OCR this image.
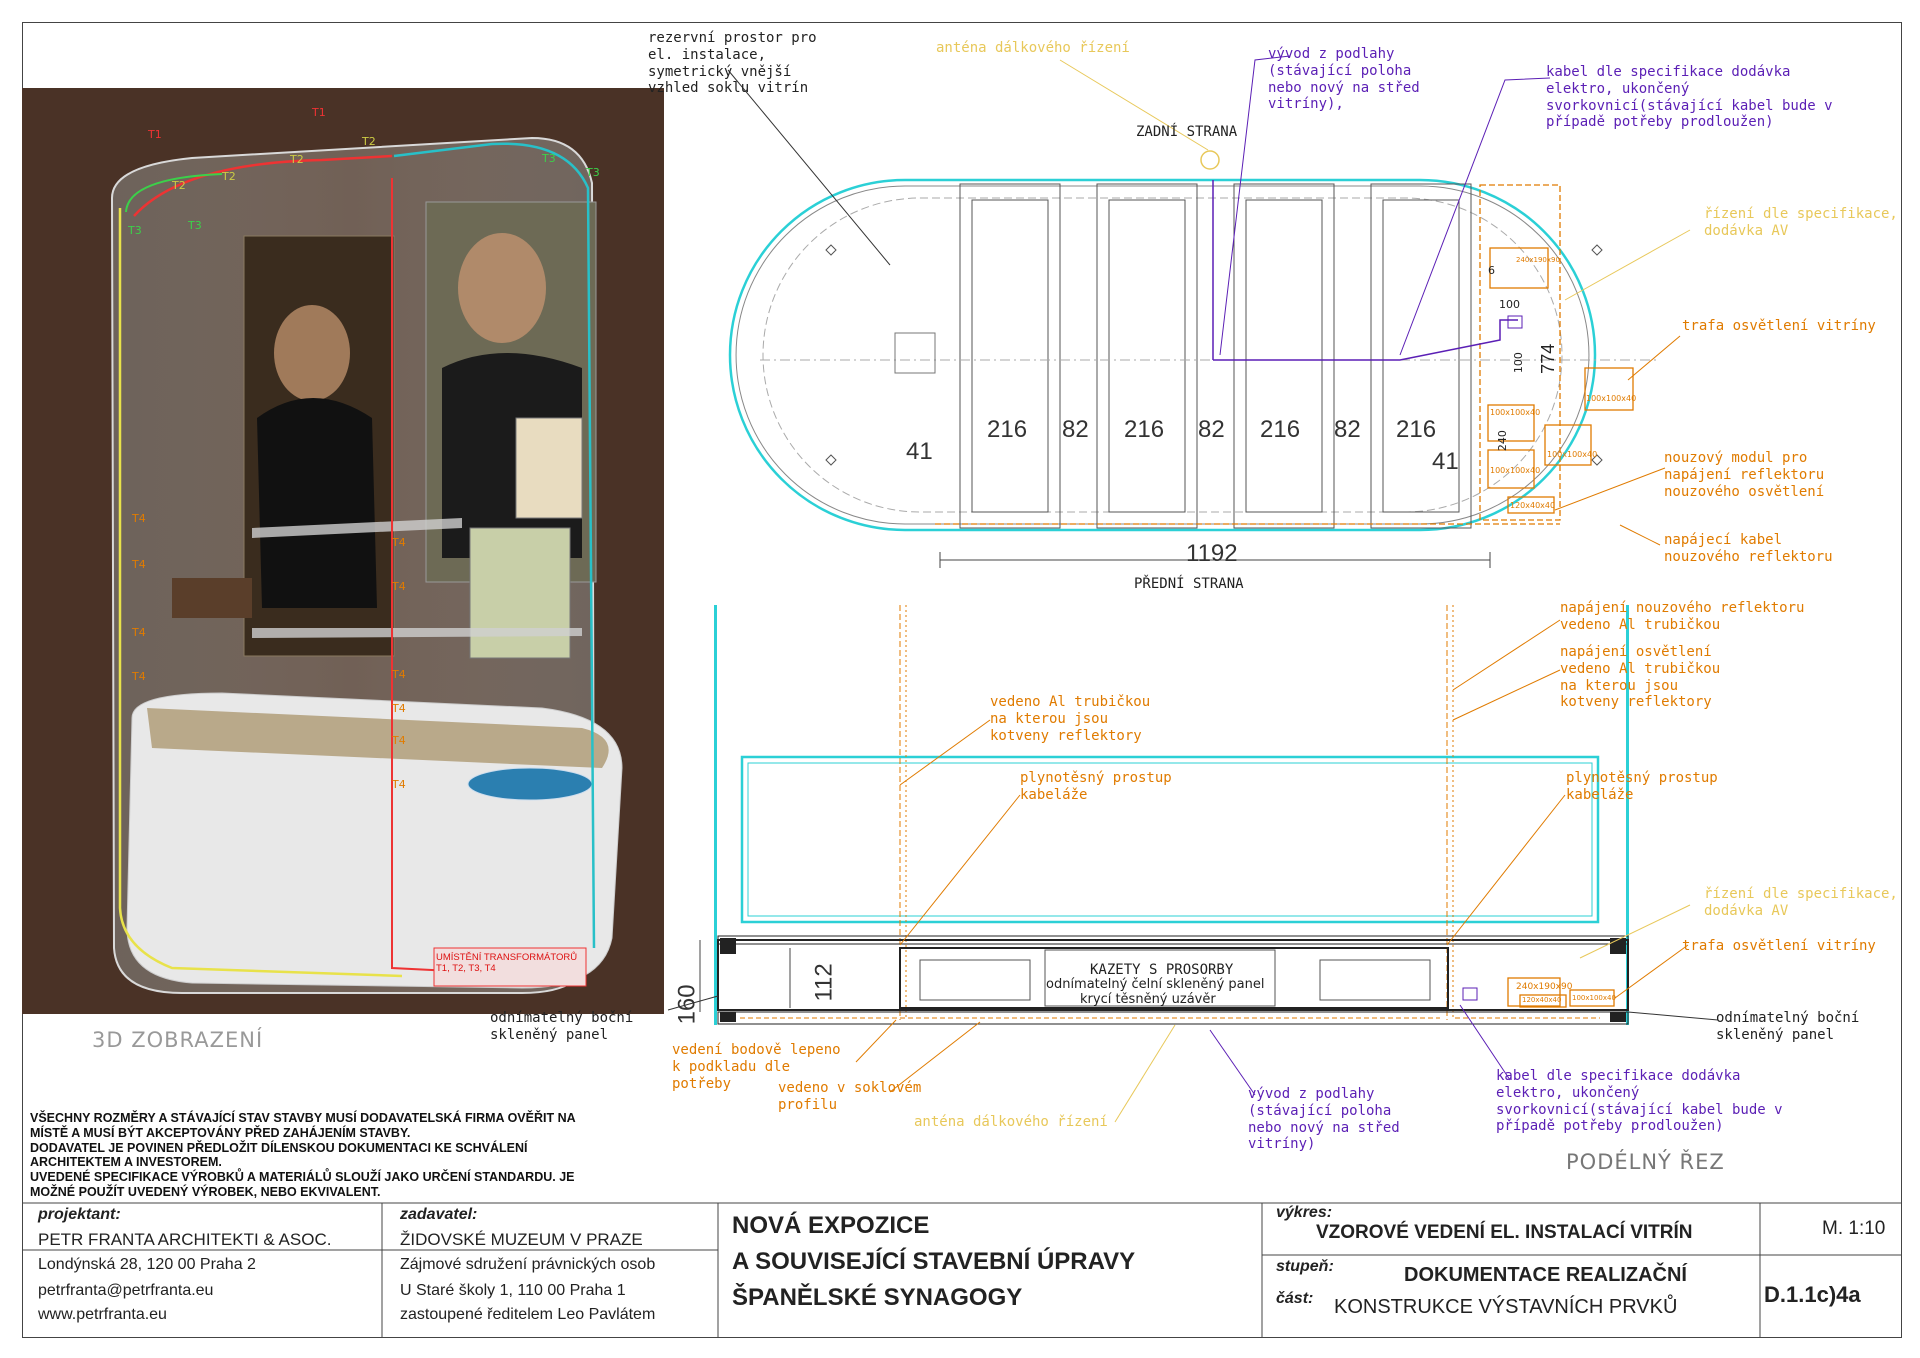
UMÍSTĚNÍ TRANSFORMÁTORŮ
T1, T2, T3, T4
T1
T1
T2
T2
T2
T2
T3	T3
T3
T3
T4
T4
T4
T4
T4
T4
T4
T4
T4
T4
3D ZOBRAZENÍ
rezervní prostor pro
el. instalace,
symetrický vnější
vzhled soklu vitrín
anténa dálkového řízení	vývod z podlahy
(stávající poloha
nebo nový na střed
vitríny),
kabel dle specifikace dodávka
elektro, ukončený
svorkovnicí(stávající kabel bude v
případě potřeby prodloužen)
řízení dle specifikace,
dodávka AV
trafa osvětlení vitríny
nouzový modul pro
napájení reflektoru
nouzového osvětlení
napájecí kabel
nouzového reflektoru
ZADNÍ STRANA
PŘEDNÍ STRANA
41	41
216 82 216 82 216 82 216
1192
774
6
100
100
240
240x190x90
100x100x40
100x100x40
100x100x40
100x100x40
120x40x40
napájení nouzového reflektoru
vedeno Al trubičkou
napájení osvětlení
vedeno Al trubičkou
na kterou jsou
kotveny reflektory
vedeno Al trubičkou
na kterou jsou
kotveny reflektory
plynotěsný prostup
kabeláže
plynotěsný prostup
kabeláže
řízení dle specifikace,
dodávka AV
trafa osvětlení vitríny
odnímatelný boční
skleněný panel
odnímatelný boční
skleněný panel
vedení bodově lepeno
k podkladu dle
potřeby	vedeno v soklovém
profilu
vývod z podlahy
(stávající poloha
nebo nový na střed
vitríny)
kabel dle specifikace dodávka
elektro, ukončený
svorkovnicí(stávající kabel bude v
případě potřeby prodloužen)
anténa dálkového řízení
160
112	KAZETY S PROSORBY
odnímatelný čelní skleněný panel
krycí těsněný uzávěr
240x190x90
120x40x40 100x100x40
PODÉLNÝ ŘEZ
VŠECHNY ROZMĚRY A STÁVAJÍCÍ STAV STAVBY MUSÍ DODAVATELSKÁ FIRMA OVĚŘIT NA
MÍSTĚ A MUSÍ BÝT AKCEPTOVÁNY PŘED ZAHÁJENÍM STAVBY.
DODAVATEL JE POVINEN PŘEDLOŽIT DÍLENSKOU DOKUMENTACI KE SCHVÁLENÍ
ARCHITEKTEM A INVESTOREM.
UVEDENÉ SPECIFIKACE VÝROBKŮ A MATERIÁLŮ SLOUŽÍ JAKO URČENÍ STANDARDU. JE
MOŽNÉ POUŽÍT UVEDENÝ VÝROBEK, NEBO EKVIVALENT.
projektant:
PETR FRANTA ARCHITEKTI & ASOC.
Londýnská 28, 120 00 Praha 2
petrfranta@petrfranta.eu
www.petrfranta.eu
zadavatel:
ŽIDOVSKÉ MUZEUM V PRAZE
Zájmové sdružení právnických osob
U Staré školy 1, 110 00 Praha 1
zastoupené ředitelem Leo Pavlátem
NOVÁ EXPOZICE
A SOUVISEJÍCÍ STAVEBNÍ ÚPRAVY
ŠPANĚLSKÉ SYNAGOGY
výkres:
VZOROVÉ VEDENÍ EL. INSTALACÍ VITRÍN	M. 1:10
stupeň:	DOKUMENTACE REALIZAČNÍ
část: KONSTRUKCE VÝSTAVNÍCH PRVKŮ	D.1.1c)4a
